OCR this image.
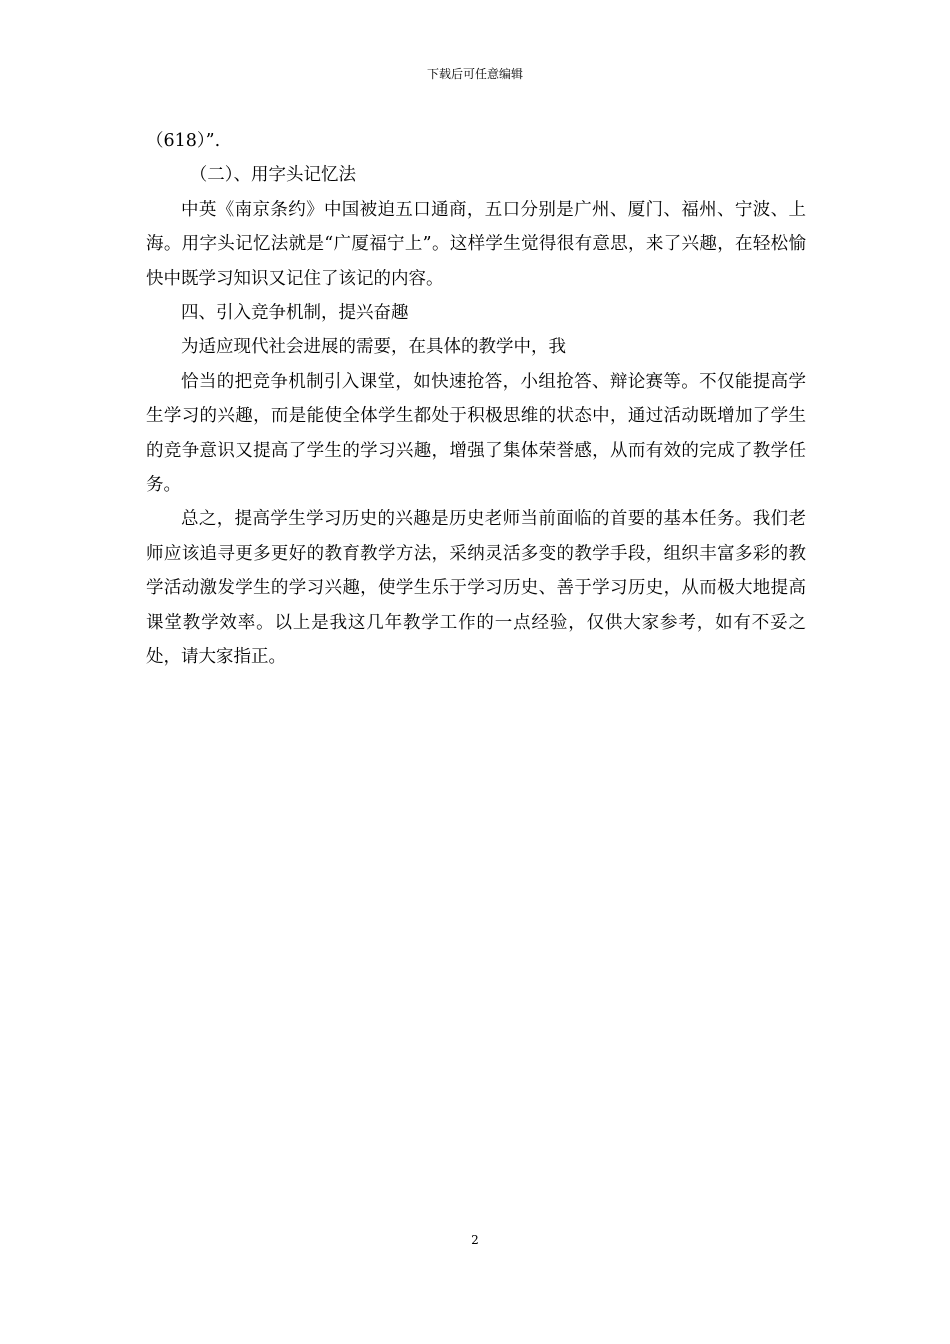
下载后可任意编辑

（618）”.

（二）、用字头记忆法

中英《南京条约》中国被迫五口通商，五口分别是广州、厦门、福州、宁波、上海。用字头记忆法就是“广厦福宁上”。这样学生觉得很有意思，来了兴趣，在轻松愉快中既学习知识又记住了该记的内容。

四、引入竞争机制，提兴奋趣

为适应现代社会进展的需要，在具体的教学中，我

恰当的把竞争机制引入课堂，如快速抢答，小组抢答、辩论赛等。不仅能提高学生学习的兴趣，而是能使全体学生都处于积极思维的状态中，通过活动既增加了学生的竞争意识又提高了学生的学习兴趣，增强了集体荣誉感，从而有效的完成了教学任务。

总之，提高学生学习历史的兴趣是历史老师当前面临的首要的基本任务。我们老师应该追寻更多更好的教育教学方法，采纳灵活多变的教学手段，组织丰富多彩的教学活动激发学生的学习兴趣，使学生乐于学习历史、善于学习历史，从而极大地提高课堂教学效率。以上是我这几年教学工作的一点经验，仅供大家参考，如有不妥之处，请大家指正。

2
